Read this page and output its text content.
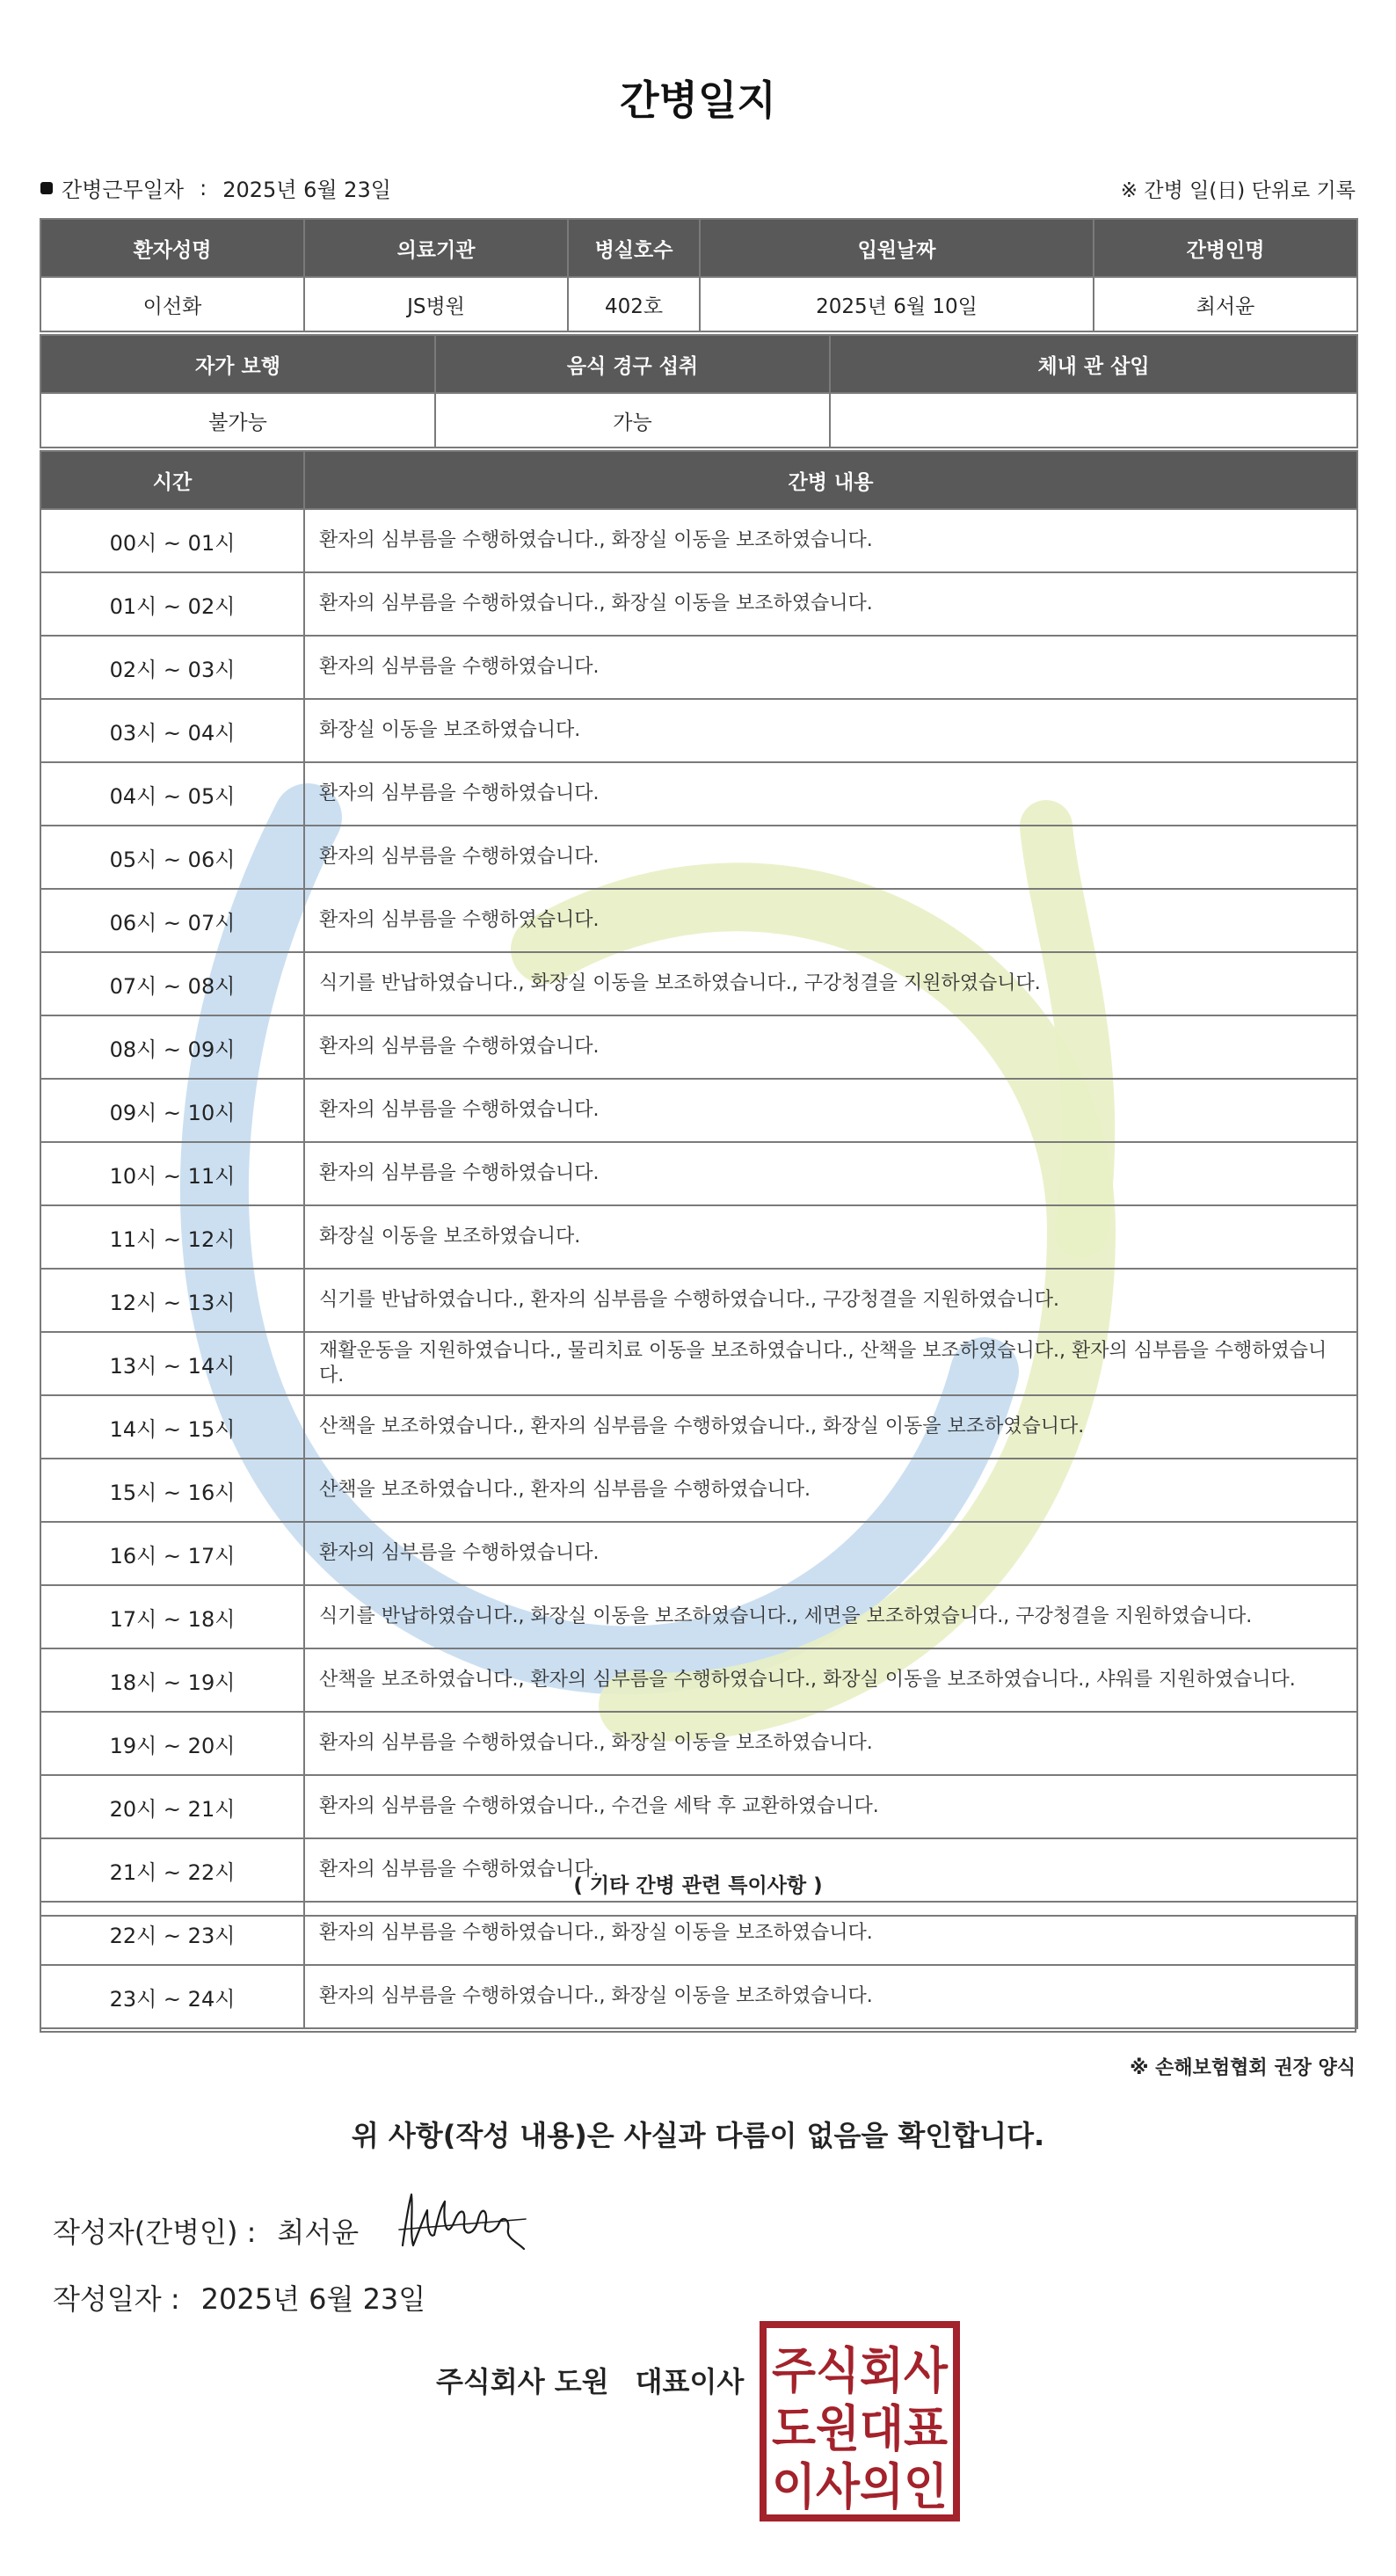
간병일지
간병근무일자 : 2025년 6월 23일	※ 간병 일(日) 단위로 기록
환자성명	의료기관	병실호수	입원날짜	간병인명
이선화	JS병원	402호	2025년 6월 10일	최서윤
자가 보행	음식 경구 섭취	체내 관 삽입
불가능	가능	
시간	간병 내용
00시 ~ 01시	환자의 심부름을 수행하였습니다., 화장실 이동을 보조하였습니다.
01시 ~ 02시	환자의 심부름을 수행하였습니다., 화장실 이동을 보조하였습니다.
02시 ~ 03시	환자의 심부름을 수행하였습니다.
03시 ~ 04시	화장실 이동을 보조하였습니다.
04시 ~ 05시	환자의 심부름을 수행하였습니다.
05시 ~ 06시	환자의 심부름을 수행하였습니다.
06시 ~ 07시	환자의 심부름을 수행하였습니다.
07시 ~ 08시	식기를 반납하였습니다., 화장실 이동을 보조하였습니다., 구강청결을 지원하였습니다.
08시 ~ 09시	환자의 심부름을 수행하였습니다.
09시 ~ 10시	환자의 심부름을 수행하였습니다.
10시 ~ 11시	환자의 심부름을 수행하였습니다.
11시 ~ 12시	화장실 이동을 보조하였습니다.
12시 ~ 13시	식기를 반납하였습니다., 환자의 심부름을 수행하였습니다., 구강청결을 지원하였습니다.
13시 ~ 14시	재활운동을 지원하였습니다., 물리치료 이동을 보조하였습니다., 산책을 보조하였습니다., 환자의 심부름을 수행하였습니다.
14시 ~ 15시	산책을 보조하였습니다., 환자의 심부름을 수행하였습니다., 화장실 이동을 보조하였습니다.
15시 ~ 16시	산책을 보조하였습니다., 환자의 심부름을 수행하였습니다.
16시 ~ 17시	환자의 심부름을 수행하였습니다.
17시 ~ 18시	식기를 반납하였습니다., 화장실 이동을 보조하였습니다., 세면을 보조하였습니다., 구강청결을 지원하였습니다.
18시 ~ 19시	산책을 보조하였습니다., 환자의 심부름을 수행하였습니다., 화장실 이동을 보조하였습니다., 샤워를 지원하였습니다.
19시 ~ 20시	환자의 심부름을 수행하였습니다., 화장실 이동을 보조하였습니다.
20시 ~ 21시	환자의 심부름을 수행하였습니다., 수건을 세탁 후 교환하였습니다.
21시 ~ 22시	환자의 심부름을 수행하였습니다.
22시 ~ 23시	환자의 심부름을 수행하였습니다., 화장실 이동을 보조하였습니다.
23시 ~ 24시	환자의 심부름을 수행하였습니다., 화장실 이동을 보조하였습니다.
( 기타 간병 관련 특이사항 )
※ 손해보험협회 권장 양식
위 사항(작성 내용)은 사실과 다름이 없음을 확인합니다.
작성자(간병인) : 최서윤
작성일자 : 2025년 6월 23일
주식회사 도원 대표이사 주식회사
도원대표
이사의인
